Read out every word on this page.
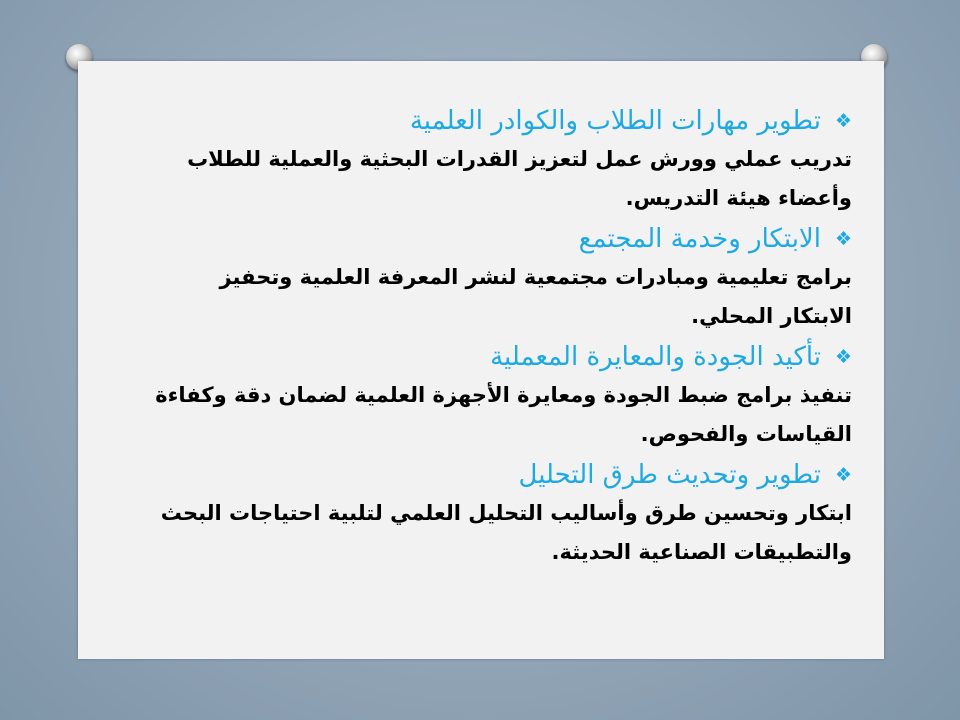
❖
تطوير مهارات الطلاب والكوادر العلمية
تدريب عملي وورش عمل لتعزيز القدرات البحثية والعملية للطلاب
وأعضاء هيئة التدريس.
❖
الابتكار وخدمة المجتمع
برامج تعليمية ومبادرات مجتمعية لنشر المعرفة العلمية وتحفيز
الابتكار المحلي.
❖
تأكيد الجودة والمعايرة المعملية
تنفيذ برامج ضبط الجودة ومعايرة الأجهزة العلمية لضمان دقة وكفاءة
القياسات والفحوص.
❖
تطوير وتحديث طرق التحليل
ابتكار وتحسين طرق وأساليب التحليل العلمي لتلبية احتياجات البحث
والتطبيقات الصناعية الحديثة.
